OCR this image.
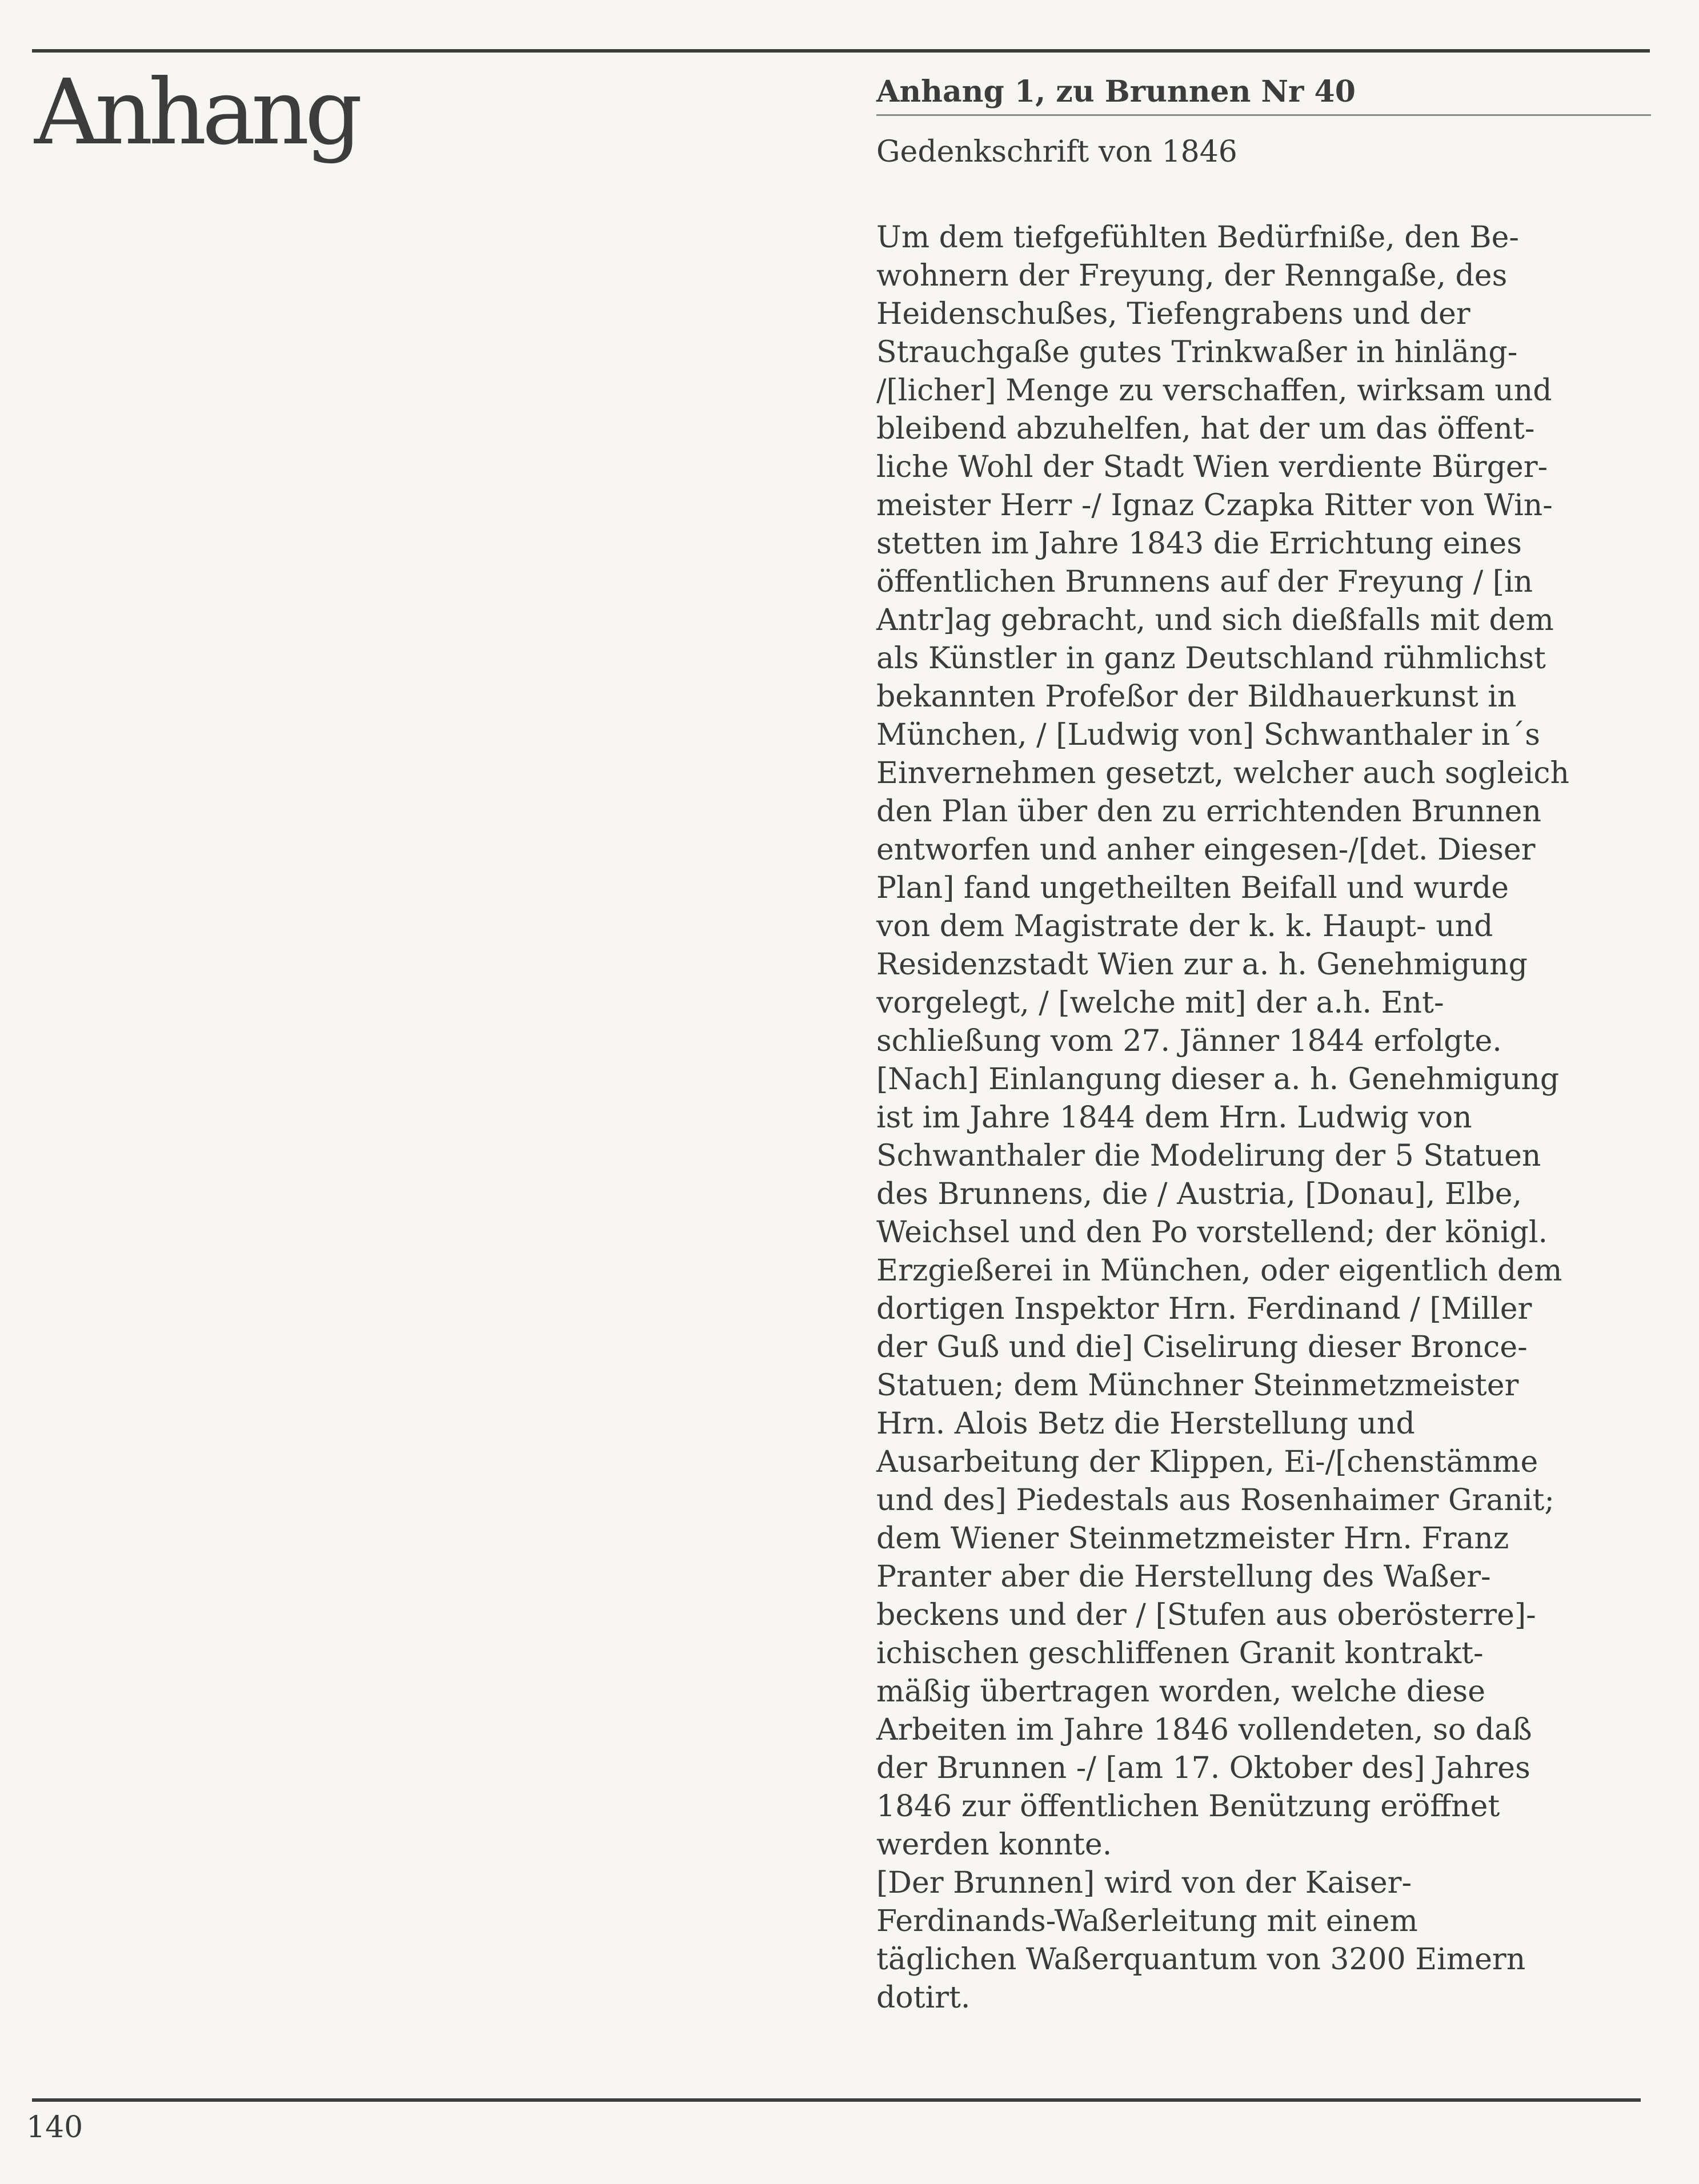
Anhang	Anhang 1, zu Brunnen Nr 40

Gedenkschrift von 1846

Um dem tiefgefühlten Bedürfniße, den Be-
wohnern der Freyung, der Renngaße, des
Heidenschußes, Tiefengrabens und der
Strauchgaße gutes Trinkwaßer in hinläng-
/[licher] Menge zu verschaffen, wirksam und
bleibend abzuhelfen, hat der um das öffent-
liche Wohl der Stadt Wien verdiente Bürger-
meister Herr -/ Ignaz Czapka Ritter von Win-
stetten im Jahre 1843 die Errichtung eines
öffentlichen Brunnens auf der Freyung / [in
Antr]ag gebracht, und sich dießfalls mit dem
als Künstler in ganz Deutschland rühmlichst
bekannten Profeßor der Bildhauerkunst in
München, / [Ludwig von] Schwanthaler in´s
Einvernehmen gesetzt, welcher auch sogleich
den Plan über den zu errichtenden Brunnen
entworfen und anher eingesen-/[det. Dieser
Plan] fand ungetheilten Beifall und wurde
von dem Magistrate der k. k. Haupt- und
Residenzstadt Wien zur a. h. Genehmigung
vorgelegt, / [welche mit] der a.h. Ent-
schließung vom 27. Jänner 1844 erfolgte.
[Nach] Einlangung dieser a. h. Genehmigung
ist im Jahre 1844 dem Hrn. Ludwig von
Schwanthaler die Modelirung der 5 Statuen
des Brunnens, die / Austria, [Donau], Elbe,
Weichsel und den Po vorstellend; der königl.
Erzgießerei in München, oder eigentlich dem
dortigen Inspektor Hrn. Ferdinand / [Miller
der Guß und die] Ciselirung dieser Bronce-
Statuen; dem Münchner Steinmetzmeister
Hrn. Alois Betz die Herstellung und
Ausarbeitung der Klippen, Ei-/[chenstämme
und des] Piedestals aus Rosenhaimer Granit;
dem Wiener Steinmetzmeister Hrn. Franz
Pranter aber die Herstellung des Waßer-
beckens und der / [Stufen aus oberösterre]-
ichischen geschliffenen Granit kontrakt-
mäßig übertragen worden, welche diese
Arbeiten im Jahre 1846 vollendeten, so daß
der Brunnen -/ [am 17. Oktober des] Jahres
1846 zur öffentlichen Benützung eröffnet
werden konnte.
[Der Brunnen] wird von der Kaiser-
Ferdinands-Waßerleitung mit einem
täglichen Waßerquantum von 3200 Eimern
dotirt.
140
